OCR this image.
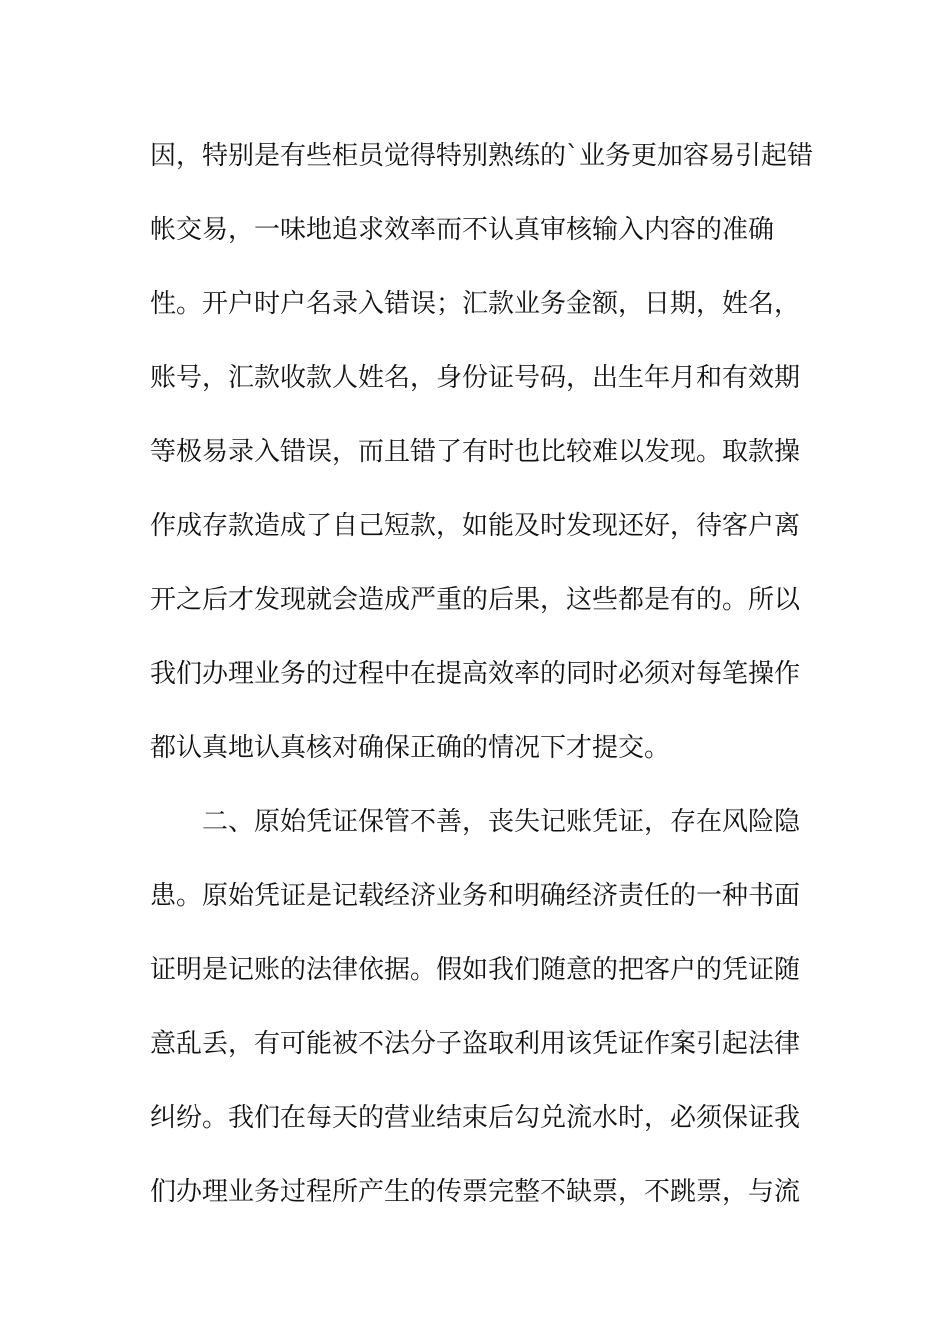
因，特别是有些柜员觉得特别熟练的`业务更加容易引起错
帐交易，一味地追求效率而不认真审核输入内容的准确
性。开户时户名录入错误；汇款业务金额，日期，姓名，
账号，汇款收款人姓名，身份证号码，出生年月和有效期
等极易录入错误，而且错了有时也比较难以发现。取款操
作成存款造成了自己短款，如能及时发现还好，待客户离
开之后才发现就会造成严重的后果，这些都是有的。所以
我们办理业务的过程中在提高效率的同时必须对每笔操作
都认真地认真核对确保正确的情况下才提交。
二、原始凭证保管不善，丧失记账凭证，存在风险隐
患。原始凭证是记载经济业务和明确经济责任的一种书面
证明是记账的法律依据。假如我们随意的把客户的凭证随
意乱丢，有可能被不法分子盗取利用该凭证作案引起法律
纠纷。我们在每天的营业结束后勾兑流水时，必须保证我
们办理业务过程所产生的传票完整不缺票，不跳票，与流
